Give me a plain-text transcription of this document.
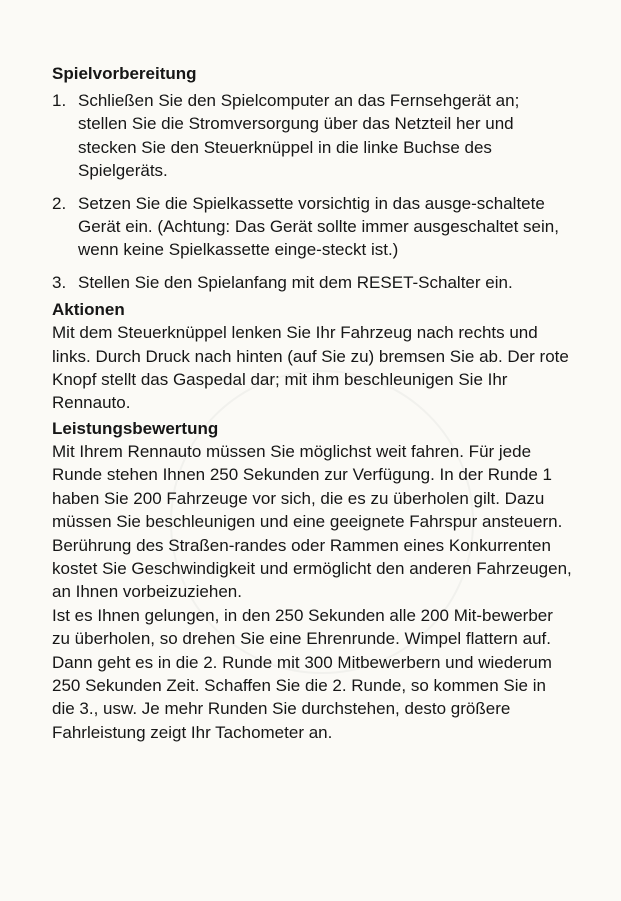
Spielvorbereitung
1. Schließen Sie den Spielcomputer an das Fernsehgerät an; stellen Sie die Stromversorgung über das Netzteil her und stecken Sie den Steuerknüppel in die linke Buchse des Spielgeräts.
2. Setzen Sie die Spielkassette vorsichtig in das ausge-schaltete Gerät ein. (Achtung: Das Gerät sollte immer ausgeschaltet sein, wenn keine Spielkassette einge-steckt ist.)
3. Stellen Sie den Spielanfang mit dem RESET-Schalter ein.
Aktionen

Mit dem Steuerknüppel lenken Sie Ihr Fahrzeug nach rechts und links. Durch Druck nach hinten (auf Sie zu) bremsen Sie ab. Der rote Knopf stellt das Gaspedal dar; mit ihm beschleunigen Sie Ihr Rennauto.

Leistungsbewertung

Mit Ihrem Rennauto müssen Sie möglichst weit fahren. Für jede Runde stehen Ihnen 250 Sekunden zur Verfügung. In der Runde 1 haben Sie 200 Fahrzeuge vor sich, die es zu überholen gilt. Dazu müssen Sie beschleunigen und eine geeignete Fahrspur ansteuern. Berührung des Straßen-randes oder Rammen eines Konkurrenten kostet Sie Geschwindigkeit und ermöglicht den anderen Fahrzeugen, an Ihnen vorbeizuziehen.

Ist es Ihnen gelungen, in den 250 Sekunden alle 200 Mit-bewerber zu überholen, so drehen Sie eine Ehrenrunde. Wimpel flattern auf. Dann geht es in die 2. Runde mit 300 Mitbewerbern und wiederum 250 Sekunden Zeit. Schaffen Sie die 2. Runde, so kommen Sie in die 3., usw. Je mehr Runden Sie durchstehen, desto größere Fahrleistung zeigt Ihr Tachometer an.
